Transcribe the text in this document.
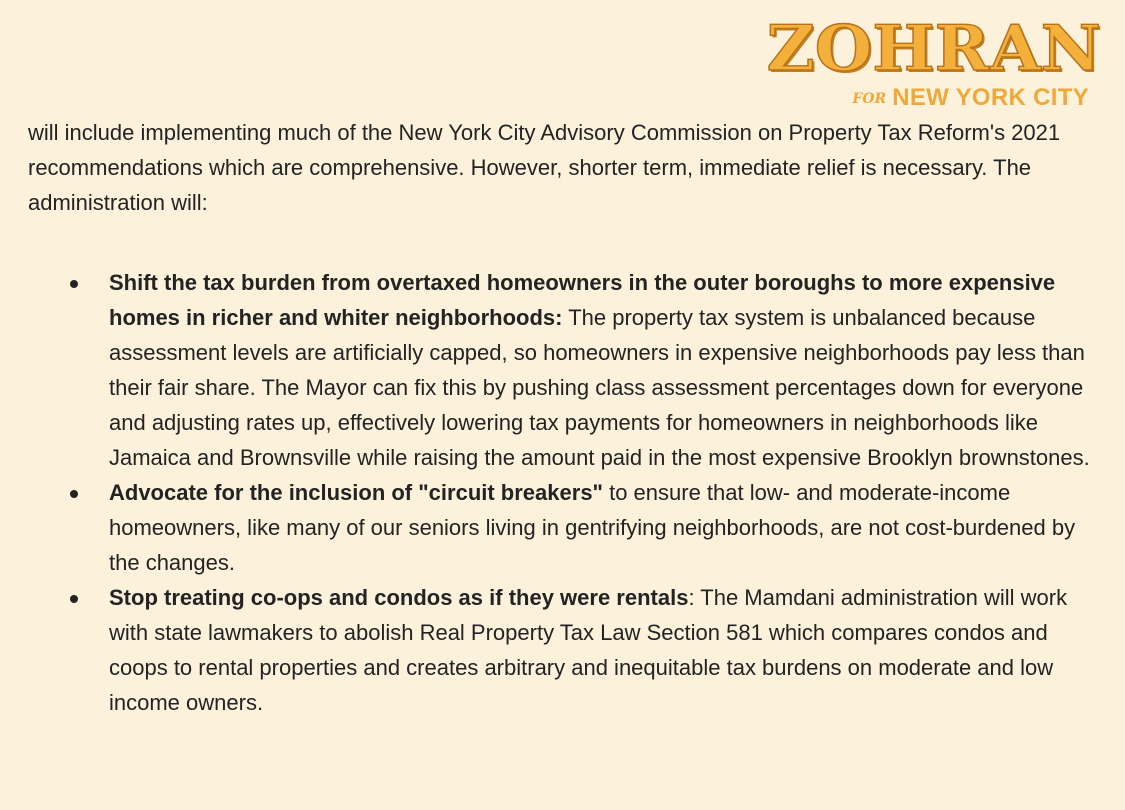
ZOHRAN
FOR NEW YORK CITY

will include implementing much of the New York City Advisory Commission on Property Tax Reform's 2021 recommendations which are comprehensive. However, shorter term, immediate relief is necessary. The administration will:

Shift the tax burden from overtaxed homeowners in the outer boroughs to more expensive homes in richer and whiter neighborhoods: The property tax system is unbalanced because assessment levels are artificially capped, so homeowners in expensive neighborhoods pay less than their fair share. The Mayor can fix this by pushing class assessment percentages down for everyone and adjusting rates up, effectively lowering tax payments for homeowners in neighborhoods like Jamaica and Brownsville while raising the amount paid in the most expensive Brooklyn brownstones.
Advocate for the inclusion of "circuit breakers" to ensure that low- and moderate-income homeowners, like many of our seniors living in gentrifying neighborhoods, are not cost-burdened by the changes.
Stop treating co-ops and condos as if they were rentals: The Mamdani administration will work with state lawmakers to abolish Real Property Tax Law Section 581 which compares condos and coops to rental properties and creates arbitrary and inequitable tax burdens on moderate and low income owners.
